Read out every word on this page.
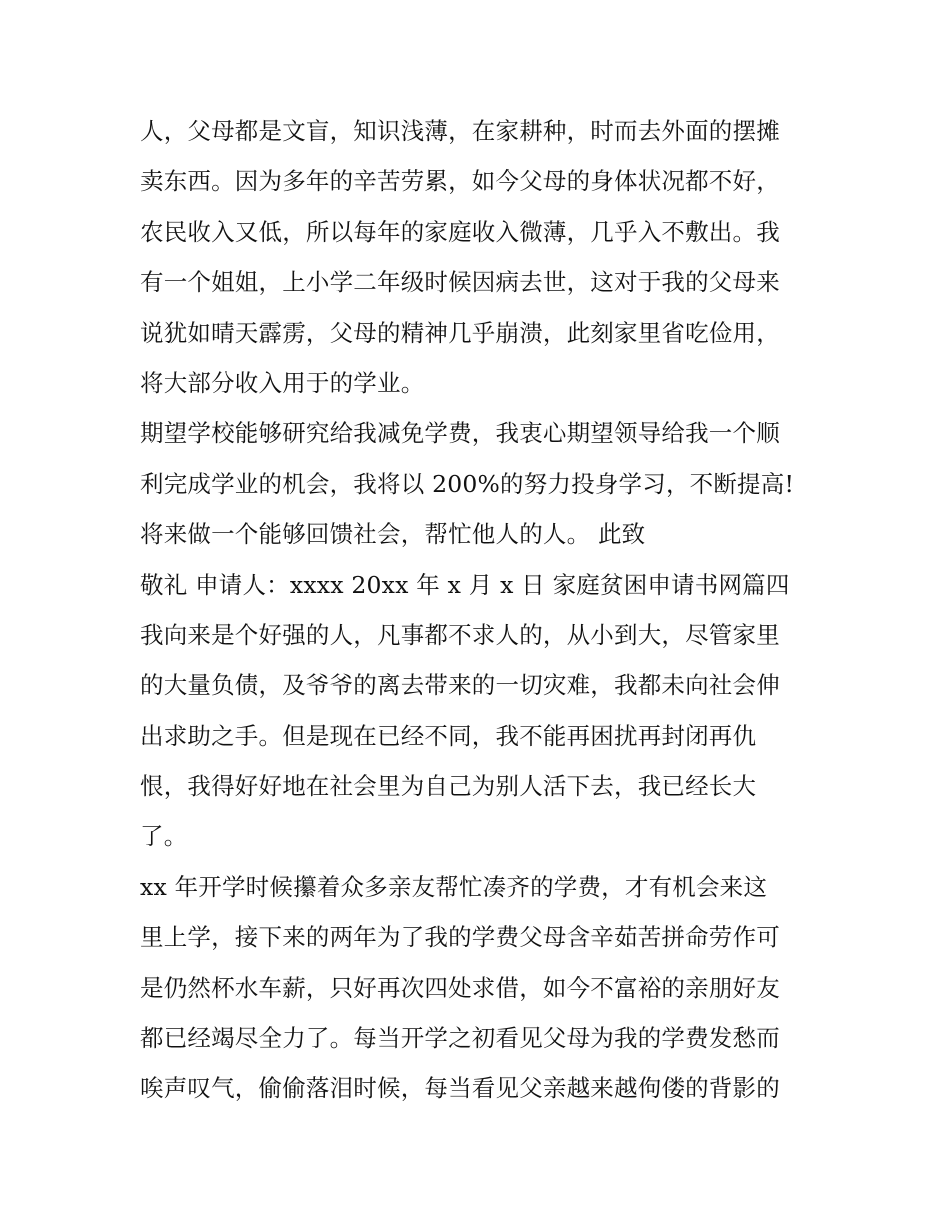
人，父母都是文盲，知识浅薄，在家耕种，时而去外面的摆摊
卖东西。因为多年的辛苦劳累，如今父母的身体状况都不好，
农民收入又低，所以每年的家庭收入微薄，几乎入不敷出。我
有一个姐姐，上小学二年级时候因病去世，这对于我的父母来
说犹如晴天霹雳，父母的精神几乎崩溃，此刻家里省吃俭用，
将大部分收入用于的学业。
期望学校能够研究给我减免学费，我衷心期望领导给我一个顺
利完成学业的机会，我将以 200%的努力投身学习，不断提高!
将来做一个能够回馈社会，帮忙他人的人。 此致
敬礼 申请人：xxxx 20xx 年 x 月 x 日 家庭贫困申请书网篇四
我向来是个好强的人，凡事都不求人的，从小到大，尽管家里
的大量负债，及爷爷的离去带来的一切灾难，我都未向社会伸
出求助之手。但是现在已经不同，我不能再困扰再封闭再仇
恨，我得好好地在社会里为自己为别人活下去，我已经长大
了。
xx 年开学时候攥着众多亲友帮忙凑齐的学费，才有机会来这
里上学，接下来的两年为了我的学费父母含辛茹苦拼命劳作可
是仍然杯水车薪，只好再次四处求借，如今不富裕的亲朋好友
都已经竭尽全力了。每当开学之初看见父母为我的学费发愁而
唉声叹气，偷偷落泪时候，每当看见父亲越来越佝偻的背影的
